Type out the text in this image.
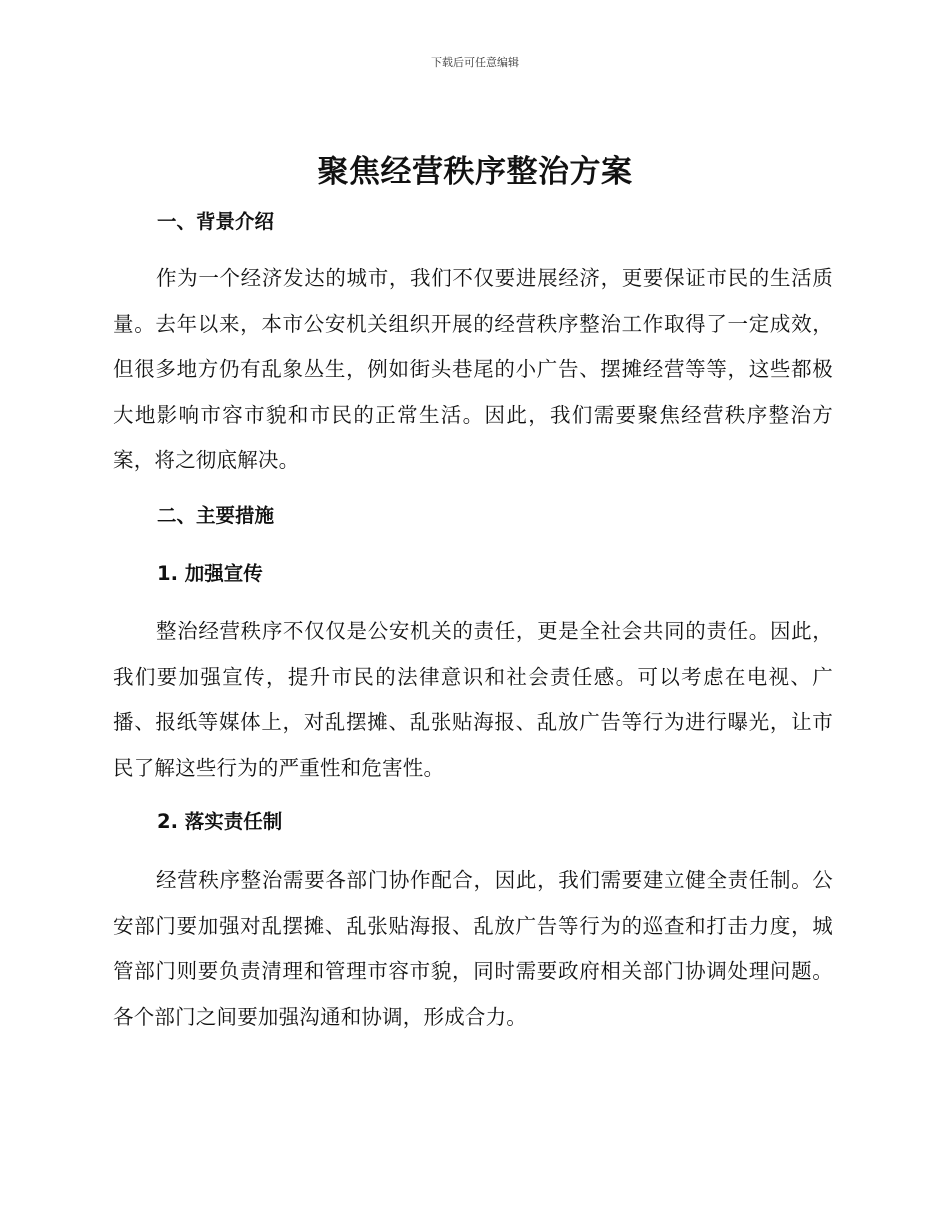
下载后可任意编辑
聚焦经营秩序整治方案
一、背景介绍

作为一个经济发达的城市，我们不仅要进展经济，更要保证市民的生活质量。去年以来，本市公安机关组织开展的经营秩序整治工作取得了一定成效，但很多地方仍有乱象丛生，例如街头巷尾的小广告、摆摊经营等等，这些都极大地影响市容市貌和市民的正常生活。因此，我们需要聚焦经营秩序整治方案，将之彻底解决。

二、主要措施
1. 加强宣传

整治经营秩序不仅仅是公安机关的责任，更是全社会共同的责任。因此，我们要加强宣传，提升市民的法律意识和社会责任感。可以考虑在电视、广播、报纸等媒体上，对乱摆摊、乱张贴海报、乱放广告等行为进行曝光，让市民了解这些行为的严重性和危害性。

2. 落实责任制

经营秩序整治需要各部门协作配合，因此，我们需要建立健全责任制。公安部门要加强对乱摆摊、乱张贴海报、乱放广告等行为的巡查和打击力度，城管部门则要负责清理和管理市容市貌，同时需要政府相关部门协调处理问题。各个部门之间要加强沟通和协调，形成合力。
